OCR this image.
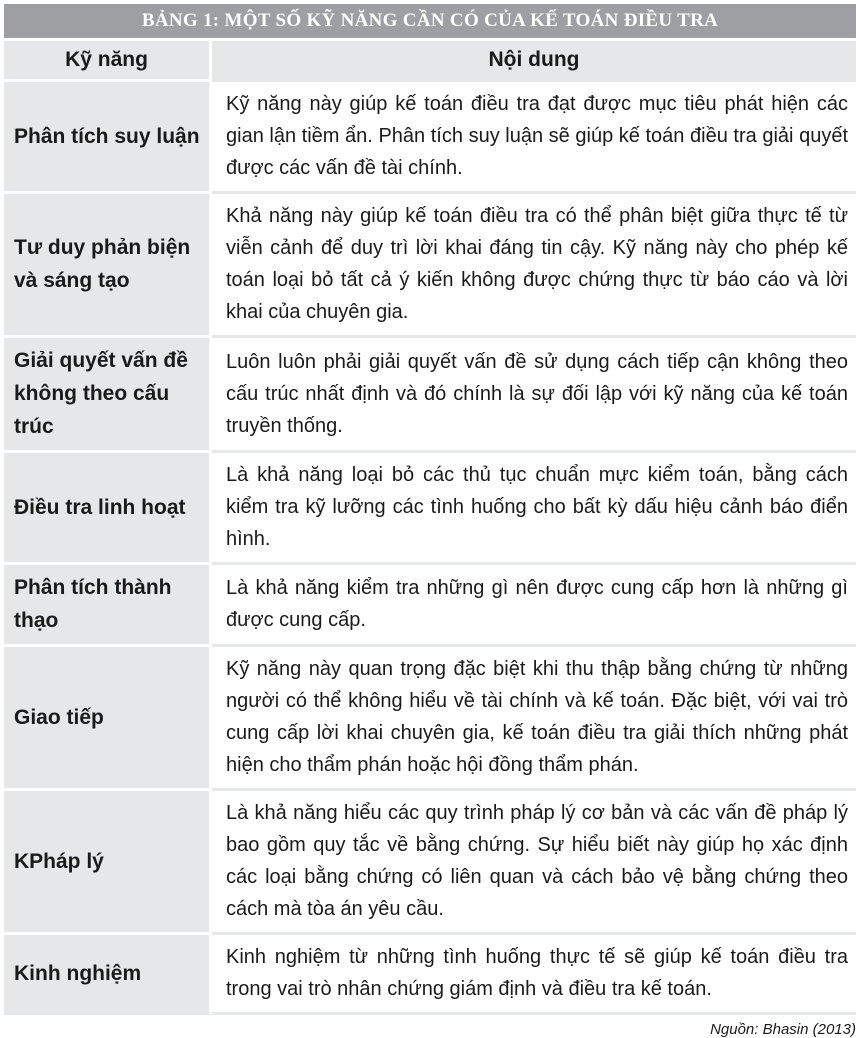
BẢNG 1: MỘT SỐ KỸ NĂNG CẦN CÓ CỦA KẾ TOÁN ĐIỀU TRA
Kỹ năng	Nội dung
Phân tích suy luận	Kỹ năng này giúp kế toán điều tra đạt được mục tiêu phát hiện các gian lận tiềm ẩn. Phân tích suy luận sẽ giúp kế toán điều tra giải quyết được các vấn đề tài chính.
Tư duy phản biện và sáng tạo	Khả năng này giúp kế toán điều tra có thể phân biệt giữa thực tế từ viễn cảnh để duy trì lời khai đáng tin cậy. Kỹ năng này cho phép kế toán loại bỏ tất cả ý kiến không được chứng thực từ báo cáo và lời khai của chuyên gia.
Giải quyết vấn đề không theo cấu trúc	Luôn luôn phải giải quyết vấn đề sử dụng cách tiếp cận không theo cấu trúc nhất định và đó chính là sự đối lập với kỹ năng của kế toán truyền thống.
Điều tra linh hoạt	Là khả năng loại bỏ các thủ tục chuẩn mực kiểm toán, bằng cách kiểm tra kỹ lưỡng các tình huống cho bất kỳ dấu hiệu cảnh báo điển hình.
Phân tích thành thạo	Là khả năng kiểm tra những gì nên được cung cấp hơn là những gì được cung cấp.
Giao tiếp	Kỹ năng này quan trọng đặc biệt khi thu thập bằng chứng từ những người có thể không hiểu về tài chính và kế toán. Đặc biệt, với vai trò cung cấp lời khai chuyên gia, kế toán điều tra giải thích những phát hiện cho thẩm phán hoặc hội đồng thẩm phán.
KPháp lý	Là khả năng hiểu các quy trình pháp lý cơ bản và các vấn đề pháp lý bao gồm quy tắc về bằng chứng. Sự hiểu biết này giúp họ xác định các loại bằng chứng có liên quan và cách bảo vệ bằng chứng theo cách mà tòa án yêu cầu.
Kinh nghiệm	Kinh nghiệm từ những tình huống thực tế sẽ giúp kế toán điều tra trong vai trò nhân chứng giám định và điều tra kế toán.
Nguồn: Bhasin (2013)
